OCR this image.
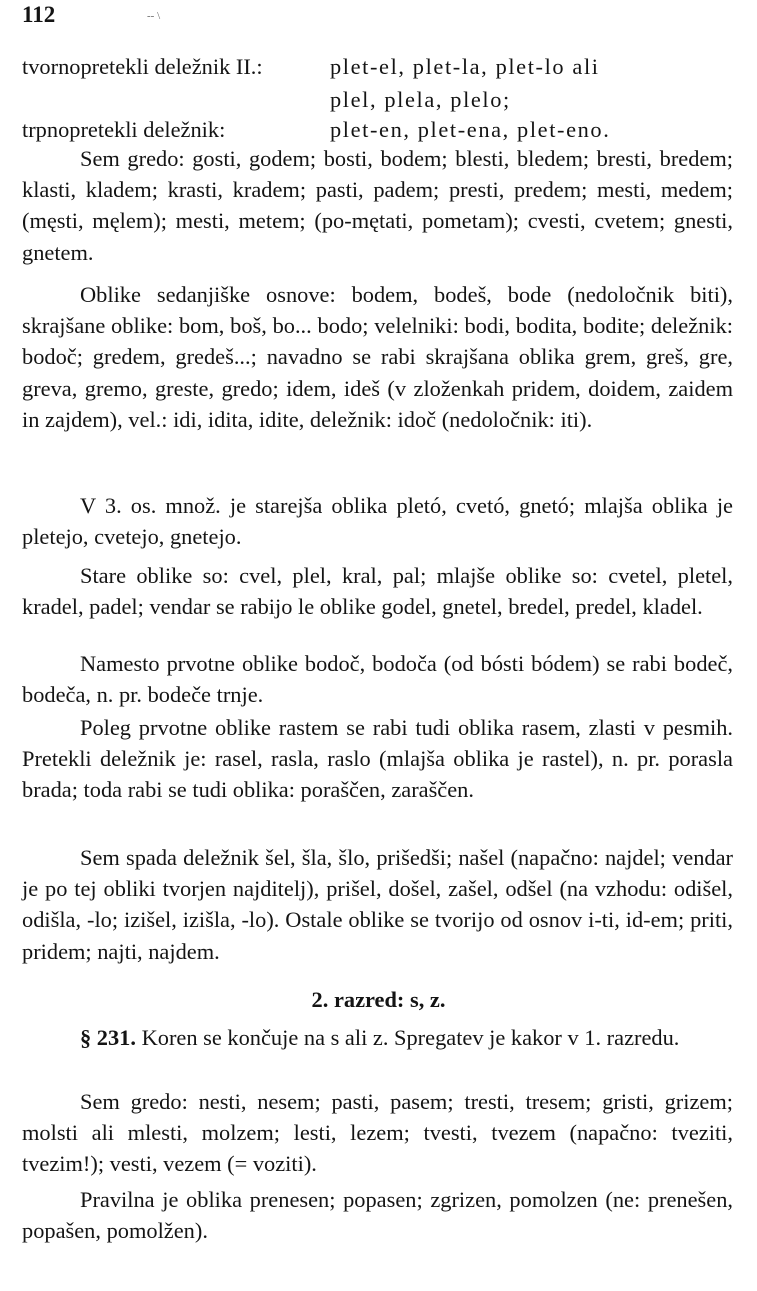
112	-- \
tvornopretekli deležnik II.:	plet-el, plet-la, plet-lo ali
plel, plela, plelo;
trpnopretekli deležnik:	plet-en, plet-ena, plet-eno.

Sem gredo: gosti, godem; bosti, bodem; blesti, bledem; bresti, bredem; klasti, kladem; krasti, kradem; pasti, padem; presti, predem; mesti, medem; (męsti, męlem); mesti, metem; (po-mętati, pometam); cvesti, cvetem; gnesti, gnetem.

Oblike sedanjiške osnove: bodem, bodeš, bode (nedoločnik biti), skrajšane oblike: bom, boš, bo... bodo; velelniki: bodi, bodita, bodite; deležnik: bodoč; gredem, gredeš...; navadno se rabi skrajšana oblika grem, greš, gre, greva, gremo, greste, gredo; idem, ideš (v zloženkah pridem, doidem, zaidem in zajdem), vel.: idi, idita, idite, deležnik: idoč (nedoločnik: iti).

V 3. os. množ. je starejša oblika pletó, cvetó, gnetó; mlajša oblika je pletejo, cvetejo, gnetejo.

Stare oblike so: cvel, plel, kral, pal; mlajše oblike so: cvetel, pletel, kradel, padel; vendar se rabijo le oblike godel, gnetel, bredel, predel, kladel.

Namesto prvotne oblike bodoč, bodoča (od bósti bódem) se rabi bodeč, bodeča, n. pr. bodeče trnje.

Poleg prvotne oblike rastem se rabi tudi oblika rasem, zlasti v pesmih. Pretekli deležnik je: rasel, rasla, raslo (mlajša oblika je rastel), n. pr. porasla brada; toda rabi se tudi oblika: poraščen, zaraščen.

Sem spada deležnik šel, šla, šlo, prišedši; našel (napačno: najdel; vendar je po tej obliki tvorjen najditelj), prišel, došel, zašel, odšel (na vzhodu: odišel, odišla, -lo; izišel, izišla, -lo). Ostale oblike se tvorijo od osnov i-ti, id-em; priti, pridem; najti, najdem.

2. razred: s, z.

§ 231. Koren se končuje na s ali z. Spregatev je kakor v 1. razredu.

Sem gredo: nesti, nesem; pasti, pasem; tresti, tresem; gristi, grizem; molsti ali mlesti, molzem; lesti, lezem; tvesti, tvezem (napačno: tveziti, tvezim!); vesti, vezem (= voziti).

Pravilna je oblika prenesen; popasen; zgrizen, pomolzen (ne: prenešen, popašen, pomolžen).
